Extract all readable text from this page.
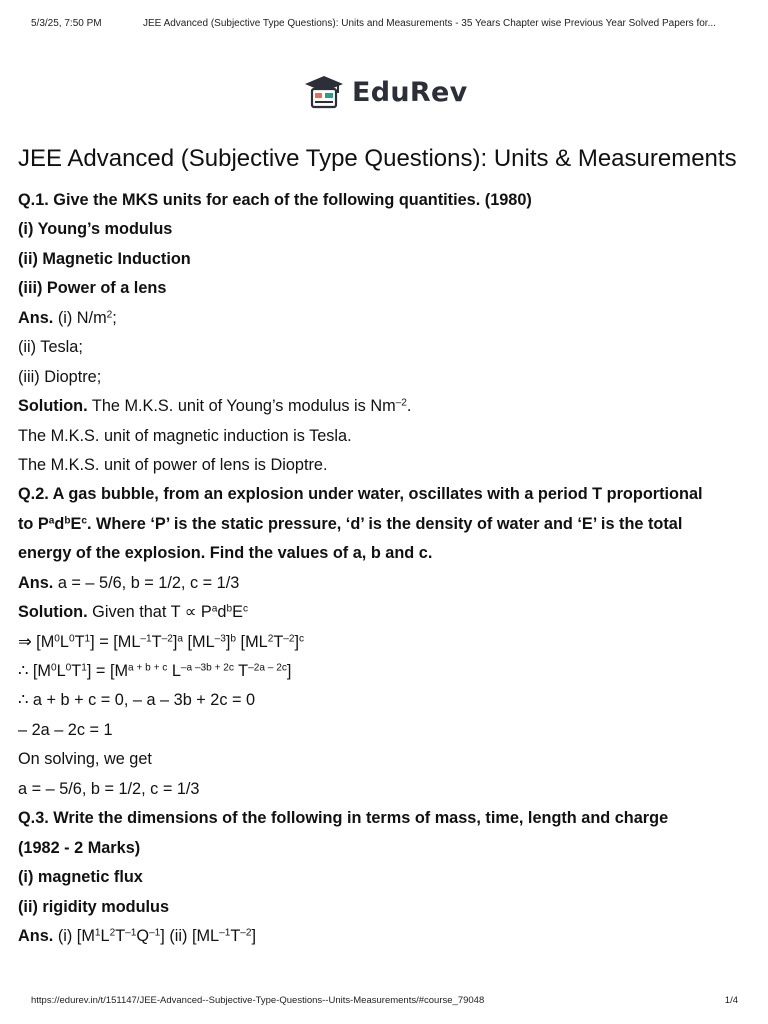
5/3/25, 7:50 PM	JEE Advanced (Subjective Type Questions): Units and Measurements - 35 Years Chapter wise Previous Year Solved Papers for...
EduRev
JEE Advanced (Subjective Type Questions): Units & Measurements
Q.1. Give the MKS units for each of the following quantities. (1980)
(i) Young’s modulus
(ii) Magnetic Induction
(iii) Power of a lens
Ans. (i) $N/m^2$;
(ii) Tesla;
(iii) Dioptre;
Solution. The M.K.S. unit of Young’s modulus is $Nm^{-2}$.
The M.K.S. unit of magnetic induction is Tesla.
The M.K.S. unit of power of lens is Dioptre.
Q.2. A gas bubble, from an explosion under water, oscillates with a period T proportional
to $P^ad^bE^c$. Where ‘P’ is the static pressure, ‘d’ is the density of water and ‘E’ is the total
energy of the explosion. Find the values of a, b and c.
Ans. a = – 5/6, b = 1/2, c = 1/3
Solution. Given that $T \propto P^ad^bE^c$
⇒ $[M^0L^0T^1] = [ML^{-1}T^{-2}]^a$ $[ML^{-3}]^b$ $[ML^2T^{-2}]^c$
∴ $[M^0L^0T^1] = [M^{a + b + c}$ $L^{-a -3b + 2c}$ $T^{-2a - 2c}$]
∴ a + b + c = 0, – a – 3b + 2c = 0
– 2a – 2c = 1
On solving, we get
a = – 5/6, b = 1/2, c = 1/3
Q.3. Write the dimensions of the following in terms of mass, time, length and charge
(1982 - 2 Marks)
(i) magnetic flux
(ii) rigidity modulus
Ans. (i) $[M^1L^2T^{-1}Q^{-1}]$ (ii) $[ML^{-1}T^{-2}]$
https://edurev.in/t/151147/JEE-Advanced--Subjective-Type-Questions--Units-Measurements/#course_79048	1/4
